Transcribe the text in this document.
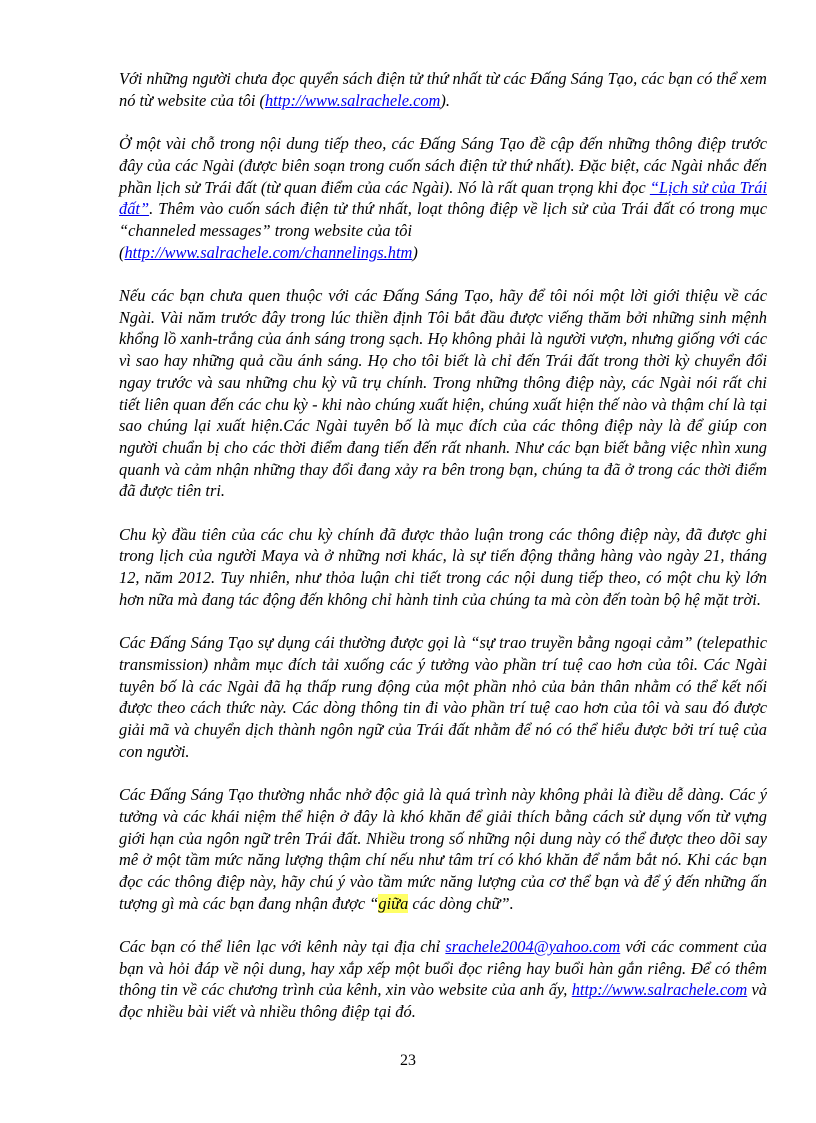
Với những người chưa đọc quyển sách điện tử thứ nhất từ các Đấng Sáng Tạo, các bạn có thể xem nó từ website của tôi (http://www.salrachele.com).

Ở một vài chỗ trong nội dung tiếp theo, các Đấng Sáng Tạo đề cập đến những thông điệp trước đây của các Ngài (được biên soạn trong cuốn sách điện tử thứ nhất). Đặc biệt, các Ngài nhắc đến phần lịch sử Trái đất (từ quan điểm của các Ngài). Nó là rất quan trọng khi đọc “Lịch sử của Trái đất”. Thêm vào cuốn sách điện tử thứ nhất, loạt thông điệp về lịch sử của Trái đất có trong mục “channeled messages” trong website của tôi
(http://www.salrachele.com/channelings.htm)

Nếu các bạn chưa quen thuộc với các Đấng Sáng Tạo, hãy để tôi nói một lời giới thiệu về các Ngài. Vài năm trước đây trong lúc thiền định Tôi bắt đầu được viếng thăm bởi những sinh mệnh khổng lồ xanh-trắng của ánh sáng trong sạch. Họ không phải là người vượn, nhưng giống với các vì sao hay những quả cầu ánh sáng. Họ cho tôi biết là chỉ đến Trái đất trong thời kỳ chuyển đổi ngay trước và sau những chu kỳ vũ trụ chính. Trong những thông điệp này, các Ngài nói rất chi tiết liên quan đến các chu kỳ - khi nào chúng xuất hiện, chúng xuất hiện thế nào và thậm chí là tại sao chúng lại xuất hiện.Các Ngài tuyên bố là mục đích của các thông điệp này là để giúp con người chuẩn bị cho các thời điểm đang tiến đến rất nhanh. Như các bạn biết bằng việc nhìn xung quanh và cảm nhận những thay đổi đang xảy ra bên trong bạn, chúng ta đã ở trong các thời điểm đã được tiên tri.

Chu kỳ đầu tiên của các chu kỳ chính đã được thảo luận trong các thông điệp này, đã được ghi trong lịch của người Maya và ở những nơi khác, là sự tiến động thẳng hàng vào ngày 21, tháng 12, năm 2012. Tuy nhiên, như thỏa luận chi tiết trong các nội dung tiếp theo, có một chu kỳ lớn hơn nữa mà đang tác động đến không chỉ hành tinh của chúng ta mà còn đến toàn bộ hệ mặt trời.

Các Đấng Sáng Tạo sự dụng cái thường được gọi là “sự trao truyền bằng ngoại cảm” (telepathic transmission) nhằm mục đích tải xuống các ý tưởng vào phần trí tuệ cao hơn của tôi. Các Ngài tuyên bố là các Ngài đã hạ thấp rung động của một phần nhỏ của bản thân nhằm có thể kết nối được theo cách thức này. Các dòng thông tin đi vào phần trí tuệ cao hơn của tôi và sau đó được giải mã và chuyển dịch thành ngôn ngữ của Trái đất nhằm để nó có thể hiểu được bởi trí tuệ của con người.

Các Đấng Sáng Tạo thường nhắc nhở độc giả là quá trình này không phải là điều dễ dàng. Các ý tưởng và các khái niệm thể hiện ở đây là khó khăn để giải thích bằng cách sử dụng vốn từ vựng giới hạn của ngôn ngữ trên Trái đất. Nhiều trong số những nội dung này có thể được theo dõi say mê ở một tầm mức năng lượng thậm chí nếu như tâm trí có khó khăn để nắm bắt nó. Khi các bạn đọc các thông điệp này, hãy chú ý vào tầm mức năng lượng của cơ thể bạn và để ý đến những ấn tượng gì mà các bạn đang nhận được “giữa các dòng chữ”.

Các bạn có thể liên lạc với kênh này tại địa chỉ srachele2004@yahoo.com với các comment của bạn và hỏi đáp về nội dung, hay xắp xếp một buổi đọc riêng hay buổi hàn gắn riêng. Để có thêm thông tin về các chương trình của kênh, xin vào website của anh ấy, http://www.salrachele.com và đọc nhiều bài viết và nhiều thông điệp tại đó.

23
